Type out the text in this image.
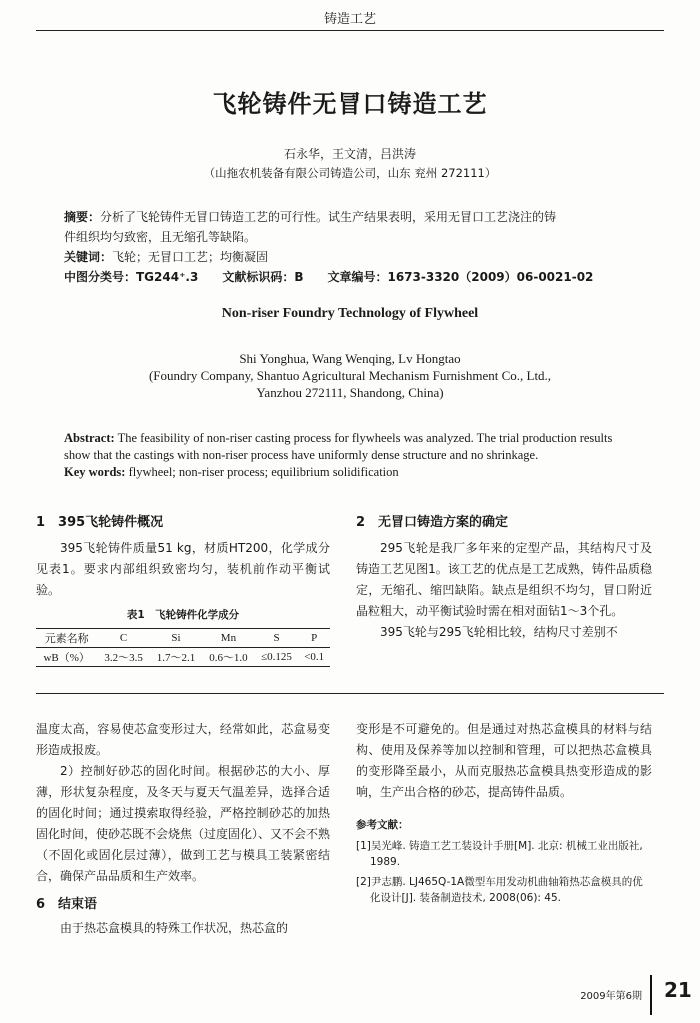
铸造工艺
飞轮铸件无冒口铸造工艺
石永华，王文清，吕洪涛
（山拖农机装备有限公司铸造公司，山东 兖州 272111）
摘要：分析了飞轮铸件无冒口铸造工艺的可行性。试生产结果表明，采用无冒口工艺浇注的铸
件组织均匀致密，且无缩孔等缺陷。
关键词：飞轮；无冒口工艺；均衡凝固
中图分类号：TG244⁺.3　　文献标识码：B　　文章编号：1673-3320（2009）06-0021-02
Non-riser Foundry Technology of Flywheel
Shi Yonghua, Wang Wenqing, Lv Hongtao
(Foundry Company, Shantuo Agricultural Mechanism Furnishment Co., Ltd.,
Yanzhou 272111, Shandong, China)
Abstract: The feasibility of non-riser casting process for flywheels was analyzed. The trial production results show that the castings with non-riser process have uniformly dense structure and no shrinkage.
Key words: flywheel; non-riser process; equilibrium solidification
1　395飞轮铸件概况
395飞轮铸件质量51 kg，材质HT200，化学成分见表1。要求内部组织致密均匀，装机前作动平衡试验。
表1　飞轮铸件化学成分
元素名称	C	Si	Mn	S	P
wB（%）	3.2～3.5	1.7～2.1	0.6～1.0	≤0.125	<0.1
2　无冒口铸造方案的确定
295飞轮是我厂多年来的定型产品，其结构尺寸及铸造工艺见图1。该工艺的优点是工艺成熟，铸件品质稳定，无缩孔、缩凹缺陷。缺点是组织不均匀，冒口附近晶粒粗大，动平衡试验时需在相对面钻1～3个孔。
395飞轮与295飞轮相比较，结构尺寸差别不
温度太高，容易使芯盒变形过大，经常如此，芯盒易变形造成报废。
2）控制好砂芯的固化时间。根据砂芯的大小、厚薄，形状复杂程度，及冬天与夏天气温差异，选择合适的固化时间；通过摸索取得经验，严格控制砂芯的加热固化时间，使砂芯既不会烧焦（过度固化）、又不会不熟（不固化或固化层过薄），做到工艺与模具工装紧密结合，确保产品品质和生产效率。
6　结束语
由于热芯盒模具的特殊工作状况，热芯盒的
变形是不可避免的。但是通过对热芯盒模具的材料与结构、使用及保养等加以控制和管理，可以把热芯盒模具的变形降至最小，从而克服热芯盒模具热变形造成的影响，生产出合格的砂芯，提高铸件品质。
参考文献：
[1]吴光峰. 铸造工艺工装设计手册[M]. 北京: 机械工业出版社, 1989.
[2]尹志鹏. LJ465Q-1A微型车用发动机曲轴箱热芯盒模具的优化设计[J]. 装备制造技术, 2008(06): 45.
2009年第6期 21
